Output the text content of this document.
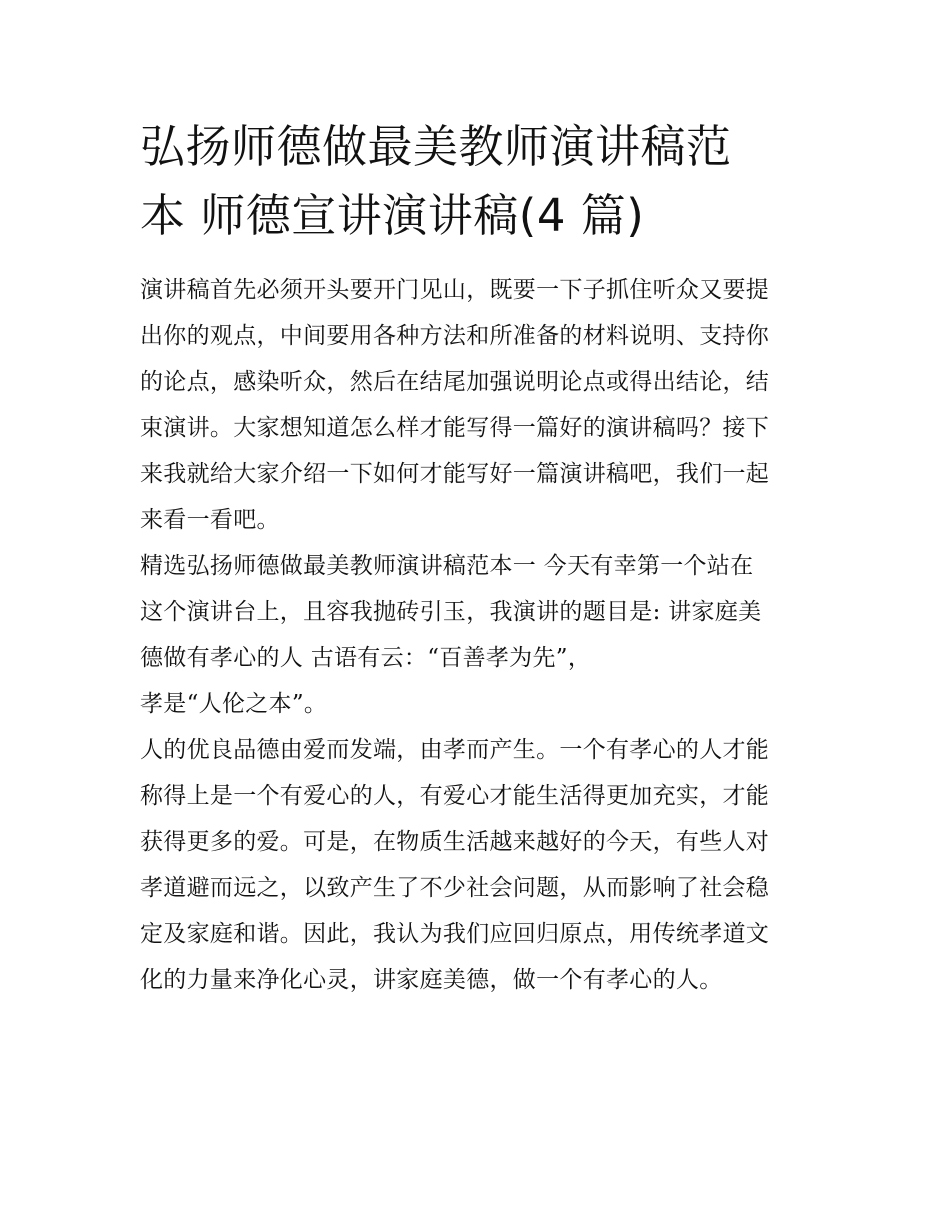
弘扬师德做最美教师演讲稿范
本 师德宣讲演讲稿(4 篇)

演讲稿首先必须开头要开门见山，既要一下子抓住听众又要提
出你的观点，中间要用各种方法和所准备的材料说明、支持你
的论点，感染听众，然后在结尾加强说明论点或得出结论，结
束演讲。大家想知道怎么样才能写得一篇好的演讲稿吗？接下
来我就给大家介绍一下如何才能写好一篇演讲稿吧，我们一起
来看一看吧。

精选弘扬师德做最美教师演讲稿范本一 今天有幸第一个站在
这个演讲台上，且容我抛砖引玉，我演讲的题目是: 讲家庭美
德做有孝心的人 古语有云：“百善孝为先”，

孝是“人伦之本”。

人的优良品德由爱而发端，由孝而产生。一个有孝心的人才能
称得上是一个有爱心的人，有爱心才能生活得更加充实，才能
获得更多的爱。可是，在物质生活越来越好的今天，有些人对
孝道避而远之，以致产生了不少社会问题，从而影响了社会稳
定及家庭和谐。因此，我认为我们应回归原点，用传统孝道文
化的力量来净化心灵，讲家庭美德，做一个有孝心的人。
